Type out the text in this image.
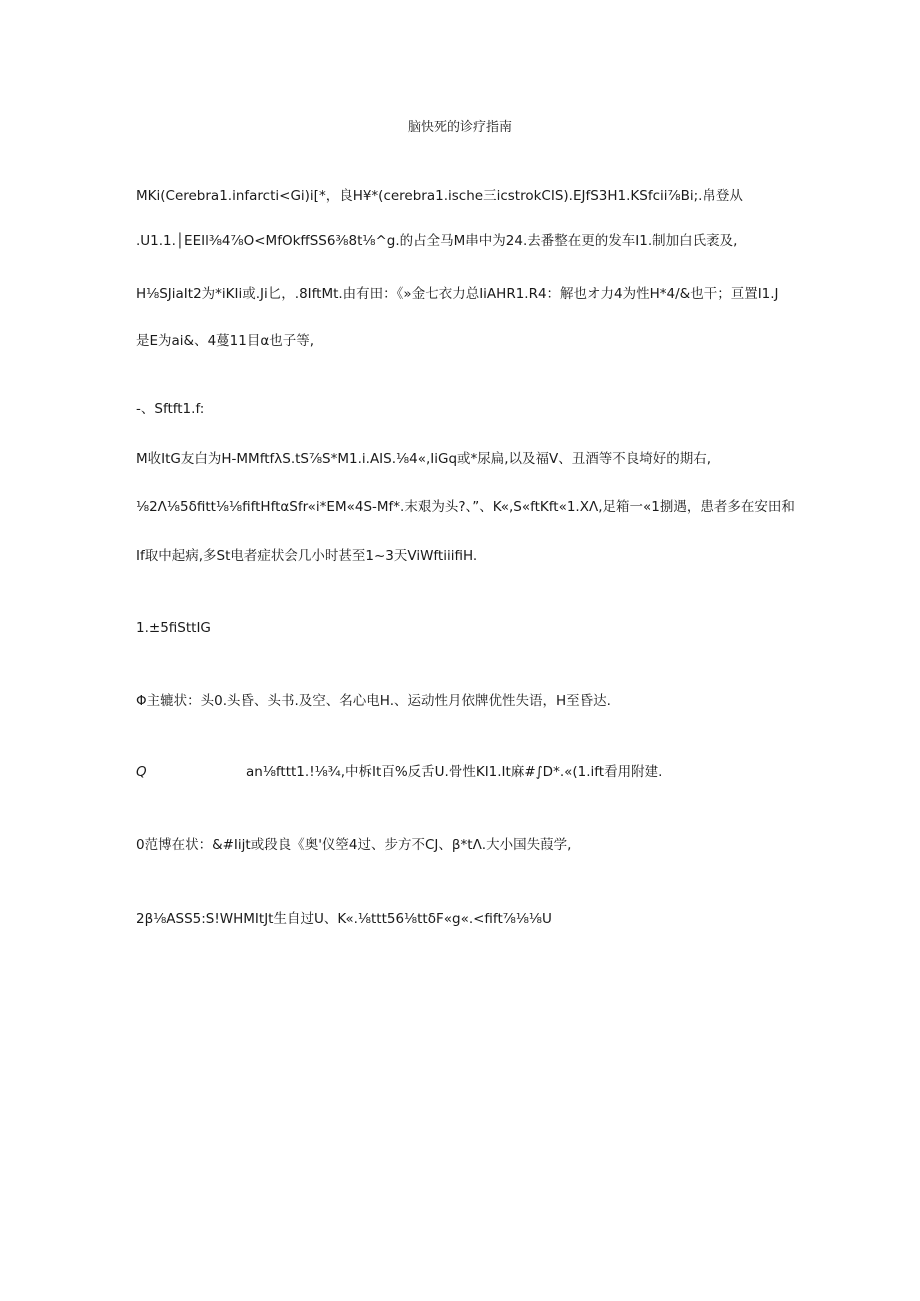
脑快死的诊疗指南
MKi(Cerebra1.infarcti<Gi)i[*，良H¥*(cerebra1.ische三icstrokCIS).EJfS3H1.KSfcii⅞Bi;.帛登从
.U1.1.│EEIl⅜4⅞O<MfOkffSS6⅜8t⅛^g.的占全马M串中为24.去番整在更的发车I1.制加白氏袤及,
H⅛SJiaIt2为*iKIi或.Ji匕，.8IftMt.由有田：《»金七衣力总IiAHR1.R4：解也オ力4为性H*4/&也干；亘置I1.J
是E为ai&、4蔓11目α也子等,
-、Sftft1.f:
M收ItG友白为H-MMftfλS.tS⅞S*M1.i.AIS.⅛4«,IiGq或*尿扁,以及福V、丑酒等不良埼好的期右,
⅛2Λ⅛5δfitt⅛⅛fiftHftαSfr«i*EM«4S-Mf*.末艰为头?、”、K«,S«ftKft«1.XΛ,足箱一«1捌遇，患者多在安田和
If取中起病,多St电者症状会几小时甚至1~3天ViWftiiifiH.
1.±5fiSttIG
Φ主辘状：头0.头昏、头书.及空、名心电H.、运动性月依牌优性失语，H至昏达.
Q	an⅛fttt1.!⅛¾,中柝It百%反舌U.骨性KI1.It麻#∫D*.«(1.ift看用附建.
0范博在状：&#Iijt或段良《奥'仪箜4过、步方不CJ、β*tΛ.大小国失葭学,
2β⅛ASS5:S!WHMItJt生自过U、K«.⅛ttt56⅛ttδF«g«.<fift⅞⅛⅛U
